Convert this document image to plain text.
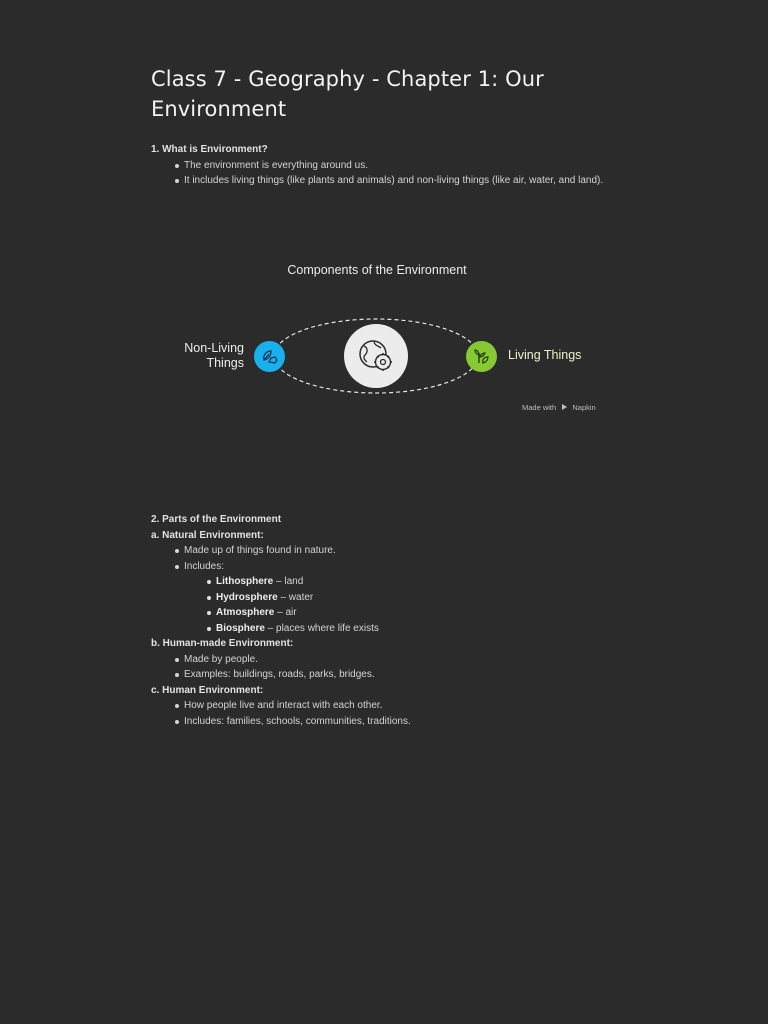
Class 7 - Geography - Chapter 1: Our Environment
1. What is Environment?
The environment is everything around us.
It includes living things (like plants and animals) and non-living things (like air, water, and land).
Components of the Environment
Non-Living Things
Living Things
Made with Napkin
2. Parts of the Environment
a. Natural Environment:
Made up of things found in nature.
Includes:
Lithosphere – land
Hydrosphere – water
Atmosphere – air
Biosphere – places where life exists
b. Human-made Environment:
Made by people.
Examples: buildings, roads, parks, bridges.
c. Human Environment:
How people live and interact with each other.
Includes: families, schools, communities, traditions.
